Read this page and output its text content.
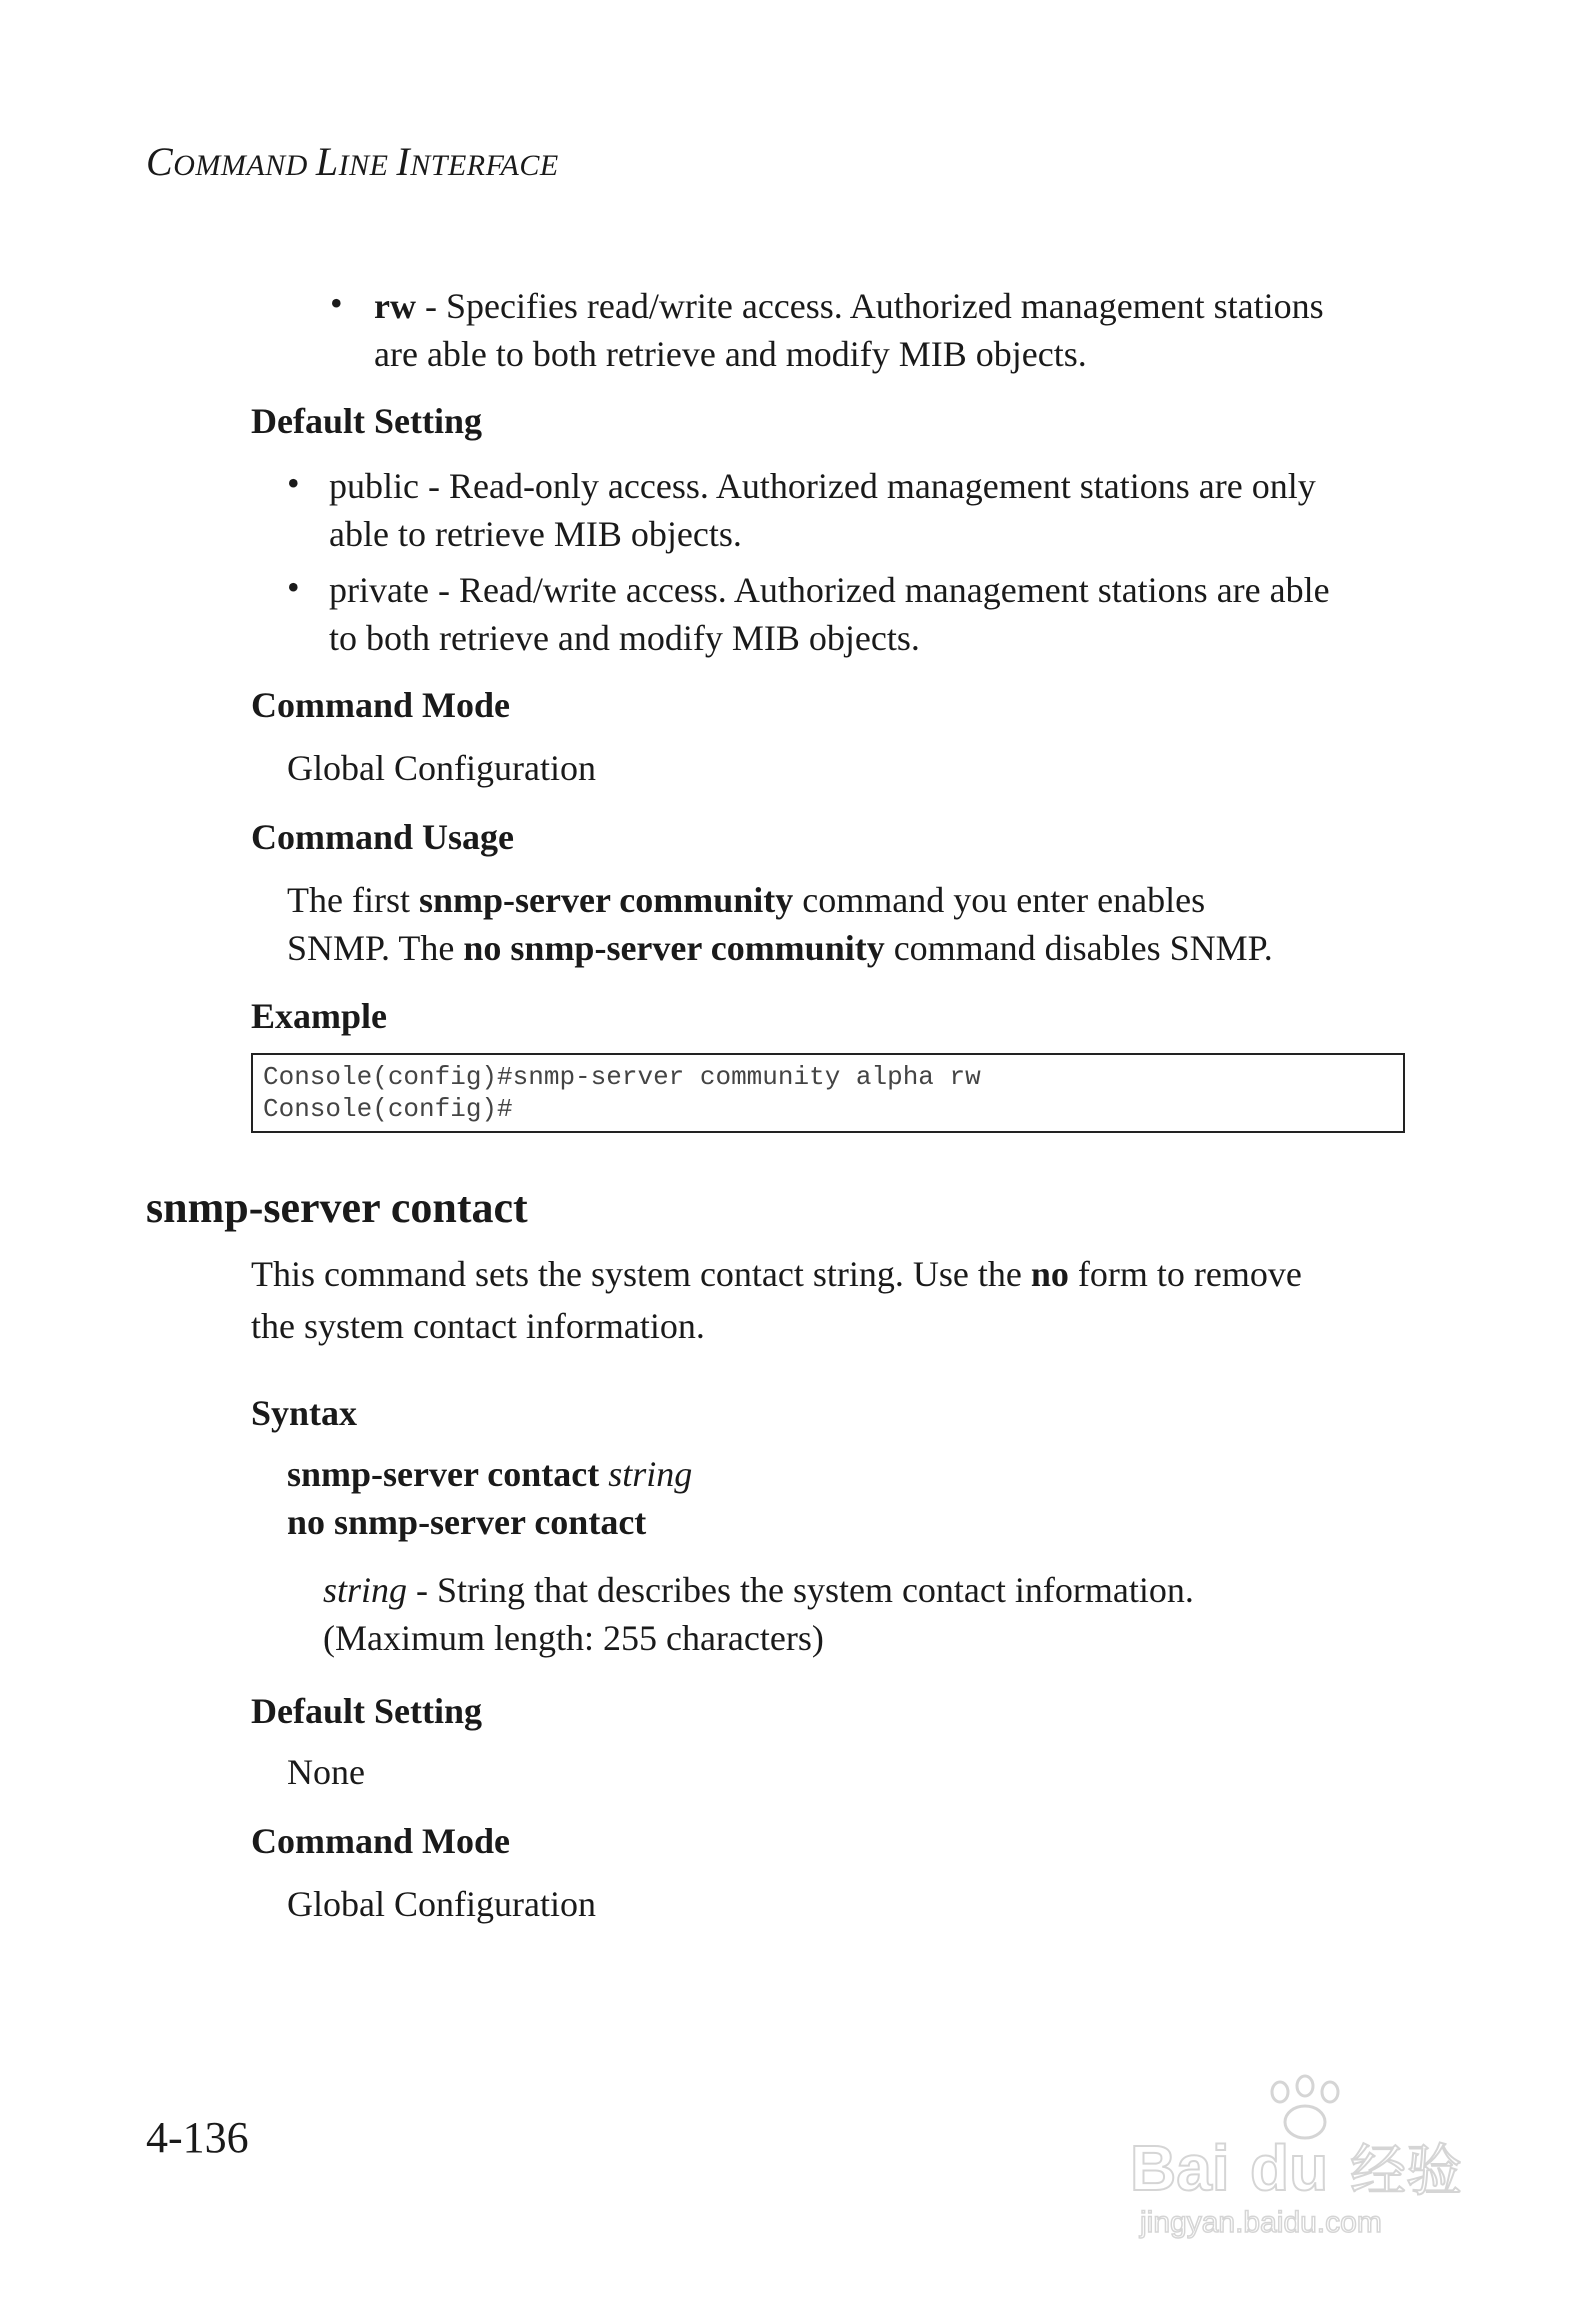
COMMAND LINE INTERFACE
• rw - Specifies read/write access. Authorized management stations
are able to both retrieve and modify MIB objects.
Default Setting
• public - Read-only access. Authorized management stations are only
able to retrieve MIB objects.
• private - Read/write access. Authorized management stations are able
to both retrieve and modify MIB objects.
Command Mode
Global Configuration
Command Usage
The first snmp-server community command you enter enables
SNMP. The no snmp-server community command disables SNMP.
Example
Console(config)#snmp-server community alpha rw
Console(config)#
snmp-server contact
This command sets the system contact string. Use the no form to remove
the system contact information.
Syntax
snmp-server contact string
no snmp-server contact
string - String that describes the system contact information.
(Maximum length: 255 characters)
Default Setting
None
Command Mode
Global Configuration
4-136	Bai du 经验
jingyan.baidu.com
